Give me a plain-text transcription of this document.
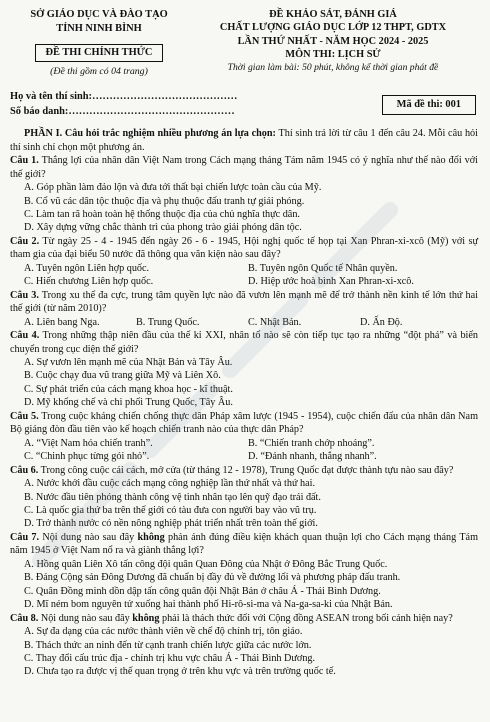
SỞ GIÁO DỤC VÀ ĐÀO TẠO
TỈNH NINH BÌNH
ĐỀ THI CHÍNH THỨC
(Đề thi gồm có 04 trang)
ĐỀ KHẢO SÁT, ĐÁNH GIÁ
CHẤT LƯỢNG GIÁO DỤC LỚP 12 THPT, GDTX
LẦN THỨ NHẤT - NĂM HỌC 2024 - 2025
MÔN THI: LỊCH SỬ
Thời gian làm bài: 50 phút, không kể thời gian phát đề
Họ và tên thí sinh:……………………………………
Số báo danh:…………………………………………
Mã đề thi: 001

PHẦN I. Câu hỏi trắc nghiệm nhiều phương án lựa chọn: Thí sinh trả lời từ câu 1 đến câu 24. Mỗi câu hỏi thí sinh chỉ chọn một phương án.

Câu 1. Thắng lợi của nhân dân Việt Nam trong Cách mạng tháng Tám năm 1945 có ý nghĩa như thế nào đối với thế giới?

A. Góp phần làm đảo lộn và đưa tới thất bại chiến lược toàn cầu của Mỹ.

B. Cổ vũ các dân tộc thuộc địa và phụ thuộc đấu tranh tự giải phóng.

C. Làm tan rã hoàn toàn hệ thống thuộc địa của chủ nghĩa thực dân.

D. Xây dựng vững chắc thành trì của phong trào giải phóng dân tộc.

Câu 2. Từ ngày 25 - 4 - 1945 đến ngày 26 - 6 - 1945, Hội nghị quốc tế họp tại Xan Phran-xi-xcô (Mỹ) với sự tham gia của đại biểu 50 nước đã thông qua văn kiện nào sau đây?

A. Tuyên ngôn Liên hợp quốc.	B. Tuyên ngôn Quốc tế Nhân quyền.
C. Hiến chương Liên hợp quốc.	D. Hiệp ước hoà bình Xan Phran-xi-xcô.

Câu 3. Trong xu thế đa cực, trung tâm quyền lực nào đã vươn lên mạnh mẽ để trở thành nền kinh tế lớn thứ hai thế giới (từ năm 2010)?

A. Liên bang Nga.	B. Trung Quốc.	C. Nhật Bản.	D. Ấn Độ.

Câu 4. Trong những thập niên đầu của thế kỉ XXI, nhân tố nào sẽ còn tiếp tục tạo ra những “đột phá” và biến chuyển trong cục diện thế giới?

A. Sự vươn lên mạnh mẽ của Nhật Bản và Tây Âu.

B. Cuộc chạy đua vũ trang giữa Mỹ và Liên Xô.

C. Sự phát triển của cách mạng khoa học - kĩ thuật.

D. Mỹ khống chế và chi phối Trung Quốc, Tây Âu.

Câu 5. Trong cuộc kháng chiến chống thực dân Pháp xâm lược (1945 - 1954), cuộc chiến đấu của nhân dân Nam Bộ giáng đòn đầu tiên vào kế hoạch chiến tranh nào của thực dân Pháp?

A. “Việt Nam hóa chiến tranh”.	B. “Chiến tranh chớp nhoáng”.
C. “Chinh phục từng gói nhỏ”.	D. “Đánh nhanh, thắng nhanh”.

Câu 6. Trong công cuộc cải cách, mở cửa (từ tháng 12 - 1978), Trung Quốc đạt được thành tựu nào sau đây?

A. Nước khởi đầu cuộc cách mạng công nghiệp lần thứ nhất và thứ hai.

B. Nước đầu tiên phóng thành công vệ tinh nhân tạo lên quỹ đạo trái đất.

C. Là quốc gia thứ ba trên thế giới có tàu đưa con người bay vào vũ trụ.

D. Trở thành nước có nền nông nghiệp phát triển nhất trên toàn thế giới.

Câu 7. Nội dung nào sau đây không phản ánh đúng điều kiện khách quan thuận lợi cho Cách mạng tháng Tám năm 1945 ở Việt Nam nổ ra và giành thắng lợi?

A. Hồng quân Liên Xô tấn công đội quân Quan Đông của Nhật ở Đông Bắc Trung Quốc.

B. Đảng Cộng sản Đông Dương đã chuẩn bị đầy đủ về đường lối và phương pháp đấu tranh.

C. Quân Đồng minh dồn dập tấn công quân đội Nhật Bản ở châu Á - Thái Bình Dương.

D. Mĩ ném bom nguyên tử xuống hai thành phố Hi-rô-si-ma và Na-ga-sa-ki của Nhật Bản.

Câu 8. Nội dung nào sau đây không phải là thách thức đối với Cộng đồng ASEAN trong bối cảnh hiện nay?

A. Sự đa dạng của các nước thành viên về chế độ chính trị, tôn giáo.

B. Thách thức an ninh đến từ cạnh tranh chiến lược giữa các nước lớn.

C. Thay đổi cấu trúc địa - chính trị khu vực châu Á - Thái Bình Dương.

D. Chưa tạo ra được vị thế quan trọng ở trên khu vực và trên trường quốc tế.
